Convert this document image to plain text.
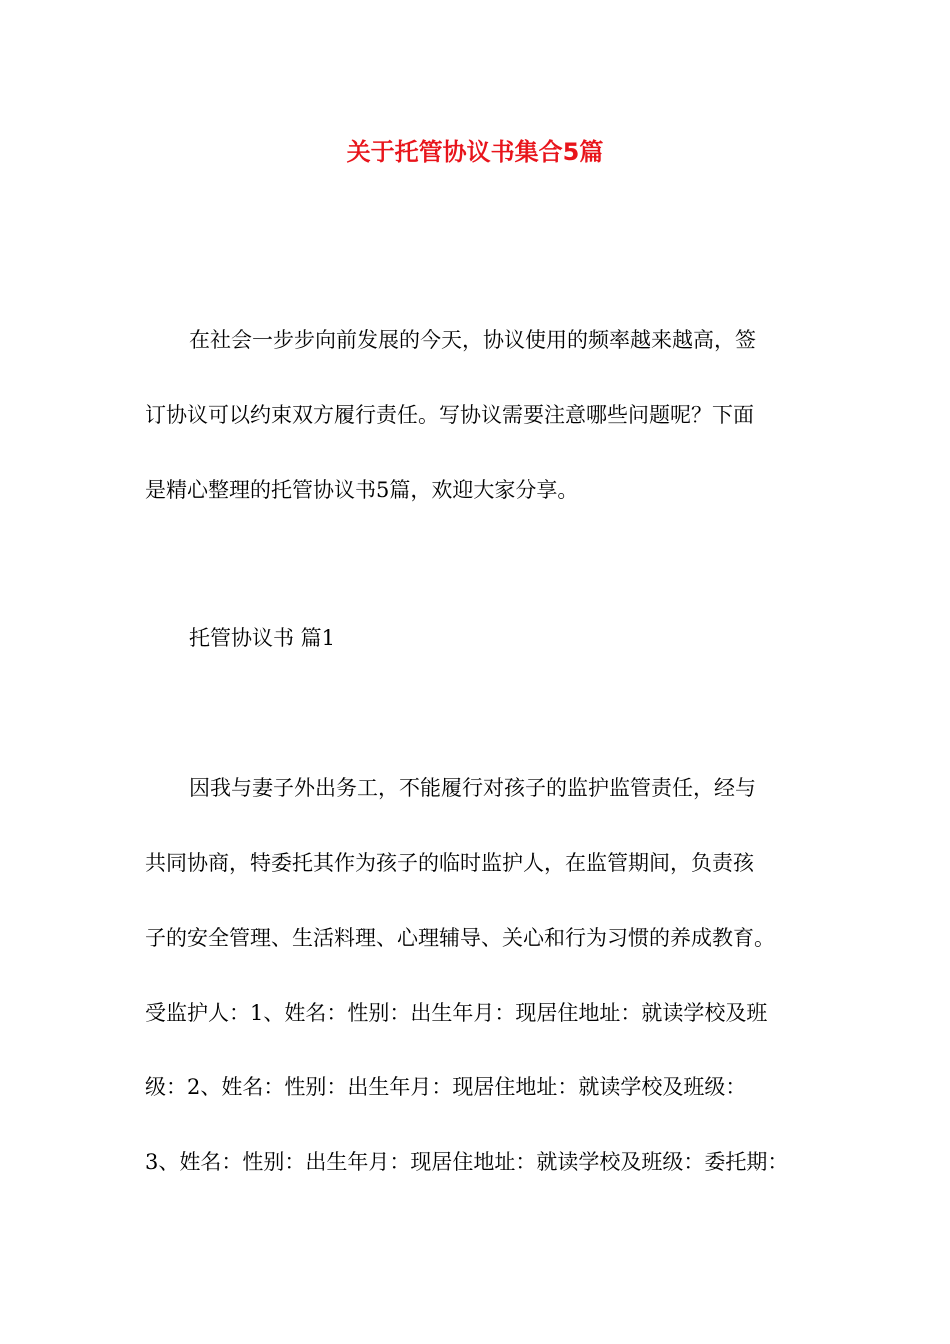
关于托管协议书集合5篇
在社会一步步向前发展的今天，协议使用的频率越来越高，签
订协议可以约束双方履行责任。写协议需要注意哪些问题呢？下面
是精心整理的托管协议书5篇，欢迎大家分享。
托管协议书 篇1
因我与妻子外出务工，不能履行对孩子的监护监管责任，经与
共同协商，特委托其作为孩子的临时监护人，在监管期间，负责孩
子的安全管理、生活料理、心理辅导、关心和行为习惯的养成教育。
受监护人：1、姓名：性别：出生年月：现居住地址：就读学校及班
级：2、姓名：性别：出生年月：现居住地址：就读学校及班级：
3、姓名：性别：出生年月：现居住地址：就读学校及班级：委托期：
